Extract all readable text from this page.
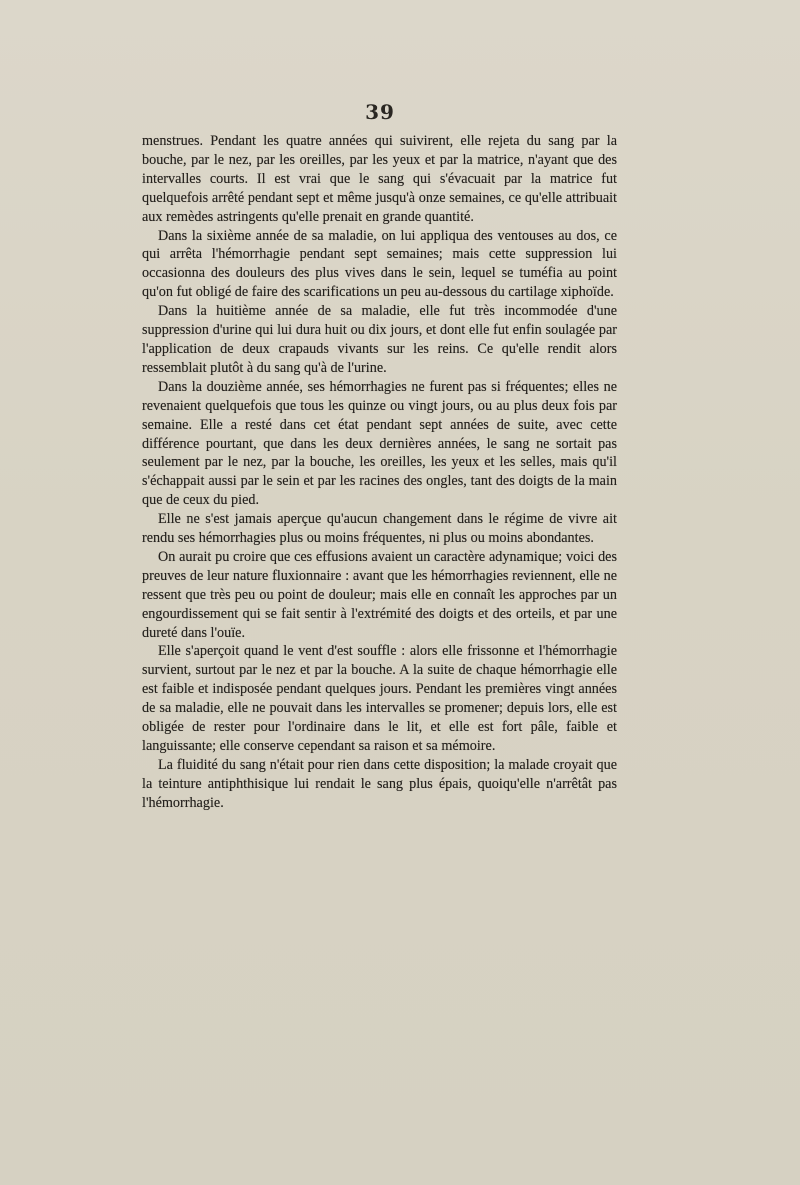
39

menstrues. Pendant les quatre années qui suivirent, elle rejeta du sang par la bouche, par le nez, par les oreilles, par les yeux et par la matrice, n'ayant que des intervalles courts. Il est vrai que le sang qui s'évacuait par la matrice fut quelquefois arrêté pendant sept et même jusqu'à onze semaines, ce qu'elle attribuait aux remèdes astringents qu'elle prenait en grande quantité.

Dans la sixième année de sa maladie, on lui appliqua des ventouses au dos, ce qui arrêta l'hémorrhagie pendant sept semaines; mais cette suppression lui occasionna des douleurs des plus vives dans le sein, lequel se tuméfia au point qu'on fut obligé de faire des scarifications un peu au-dessous du cartilage xiphoïde.

Dans la huitième année de sa maladie, elle fut très incommodée d'une suppression d'urine qui lui dura huit ou dix jours, et dont elle fut enfin soulagée par l'application de deux crapauds vivants sur les reins. Ce qu'elle rendit alors ressemblait plutôt à du sang qu'à de l'urine.

Dans la douzième année, ses hémorrhagies ne furent pas si fréquentes; elles ne revenaient quelquefois que tous les quinze ou vingt jours, ou au plus deux fois par semaine. Elle a resté dans cet état pendant sept années de suite, avec cette différence pourtant, que dans les deux dernières années, le sang ne sortait pas seulement par le nez, par la bouche, les oreilles, les yeux et les selles, mais qu'il s'échappait aussi par le sein et par les racines des ongles, tant des doigts de la main que de ceux du pied.

Elle ne s'est jamais aperçue qu'aucun changement dans le régime de vivre ait rendu ses hémorrhagies plus ou moins fréquentes, ni plus ou moins abondantes.

On aurait pu croire que ces effusions avaient un caractère adynamique; voici des preuves de leur nature fluxionnaire : avant que les hémorrhagies reviennent, elle ne ressent que très peu ou point de douleur; mais elle en connaît les approches par un engourdissement qui se fait sentir à l'extrémité des doigts et des orteils, et par une dureté dans l'ouïe.

Elle s'aperçoit quand le vent d'est souffle : alors elle frissonne et l'hémorrhagie survient, surtout par le nez et par la bouche. A la suite de chaque hémorrhagie elle est faible et indisposée pendant quelques jours. Pendant les premières vingt années de sa maladie, elle ne pouvait dans les intervalles se promener; depuis lors, elle est obligée de rester pour l'ordinaire dans le lit, et elle est fort pâle, faible et languissante; elle conserve cependant sa raison et sa mémoire.

La fluidité du sang n'était pour rien dans cette disposition; la malade croyait que la teinture antiphthisique lui rendait le sang plus épais, quoiqu'elle n'arrêtât pas l'hémorrhagie.
